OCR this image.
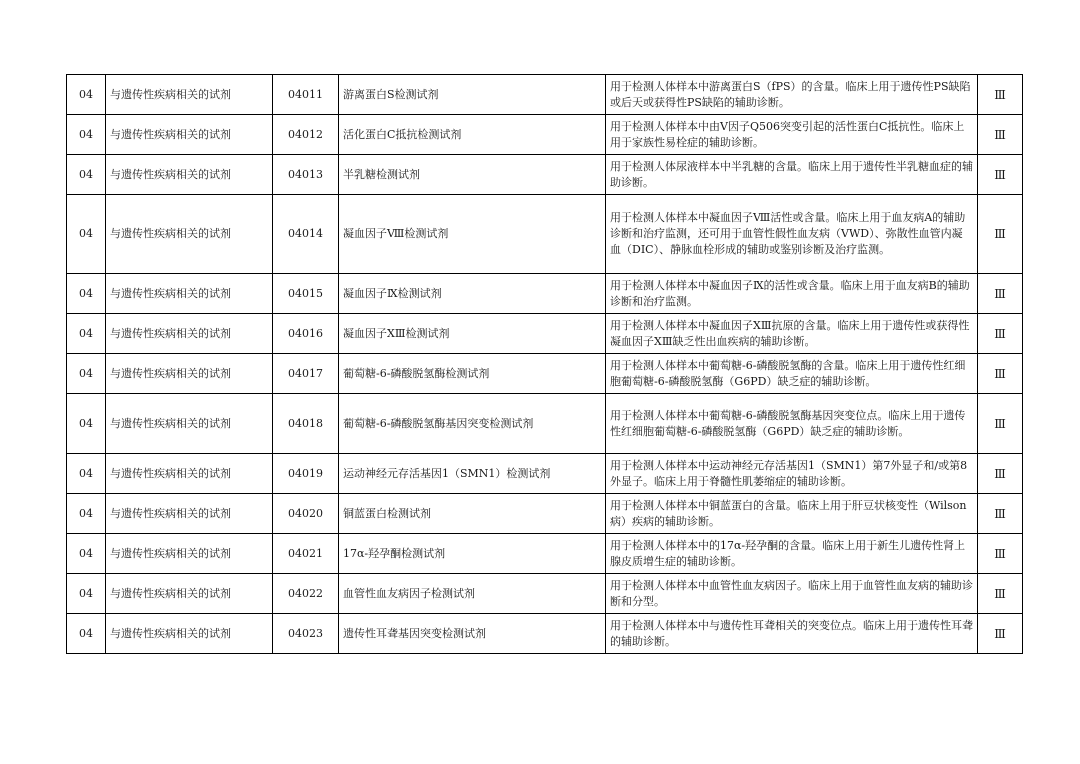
04	与遗传性疾病相关的试剂	04011	游离蛋白S检测试剂	用于检测人体样本中游离蛋白S（fPS）的含量。临床上用于遗传性PS缺陷或后天或获得性PS缺陷的辅助诊断。	Ⅲ
04	与遗传性疾病相关的试剂	04012	活化蛋白C抵抗检测试剂	用于检测人体样本中由V因子Q506突变引起的活性蛋白C抵抗性。临床上用于家族性易栓症的辅助诊断。	Ⅲ
04	与遗传性疾病相关的试剂	04013	半乳糖检测试剂	用于检测人体尿液样本中半乳糖的含量。临床上用于遗传性半乳糖血症的辅助诊断。	Ⅲ
04	与遗传性疾病相关的试剂	04014	凝血因子Ⅷ检测试剂	用于检测人体样本中凝血因子Ⅷ活性或含量。临床上用于血友病A的辅助诊断和治疗监测，还可用于血管性假性血友病（VWD）、弥散性血管内凝血（DIC）、静脉血栓形成的辅助或鉴别诊断及治疗监测。	Ⅲ
04	与遗传性疾病相关的试剂	04015	凝血因子Ⅸ检测试剂	用于检测人体样本中凝血因子Ⅸ的活性或含量。临床上用于血友病B的辅助诊断和治疗监测。	Ⅲ
04	与遗传性疾病相关的试剂	04016	凝血因子ⅩⅢ检测试剂	用于检测人体样本中凝血因子ⅩⅢ抗原的含量。临床上用于遗传性或获得性凝血因子ⅩⅢ缺乏性出血疾病的辅助诊断。	Ⅲ
04	与遗传性疾病相关的试剂	04017	葡萄糖-6-磷酸脱氢酶检测试剂	用于检测人体样本中葡萄糖-6-磷酸脱氢酶的含量。临床上用于遗传性红细胞葡萄糖-6-磷酸脱氢酶（G6PD）缺乏症的辅助诊断。	Ⅲ
04	与遗传性疾病相关的试剂	04018	葡萄糖-6-磷酸脱氢酶基因突变检测试剂	用于检测人体样本中葡萄糖-6-磷酸脱氢酶基因突变位点。临床上用于遗传性红细胞葡萄糖-6-磷酸脱氢酶（G6PD）缺乏症的辅助诊断。	Ⅲ
04	与遗传性疾病相关的试剂	04019	运动神经元存活基因1（SMN1）检测试剂	用于检测人体样本中运动神经元存活基因1（SMN1）第7外显子和/或第8外显子。临床上用于脊髓性肌萎缩症的辅助诊断。	Ⅲ
04	与遗传性疾病相关的试剂	04020	铜蓝蛋白检测试剂	用于检测人体样本中铜蓝蛋白的含量。临床上用于肝豆状核变性（Wilson病）疾病的辅助诊断。	Ⅲ
04	与遗传性疾病相关的试剂	04021	17α-羟孕酮检测试剂	用于检测人体样本中的17α-羟孕酮的含量。临床上用于新生儿遗传性肾上腺皮质增生症的辅助诊断。	Ⅲ
04	与遗传性疾病相关的试剂	04022	血管性血友病因子检测试剂	用于检测人体样本中血管性血友病因子。临床上用于血管性血友病的辅助诊断和分型。	Ⅲ
04	与遗传性疾病相关的试剂	04023	遗传性耳聋基因突变检测试剂	用于检测人体样本中与遗传性耳聋相关的突变位点。临床上用于遗传性耳聋的辅助诊断。	Ⅲ
